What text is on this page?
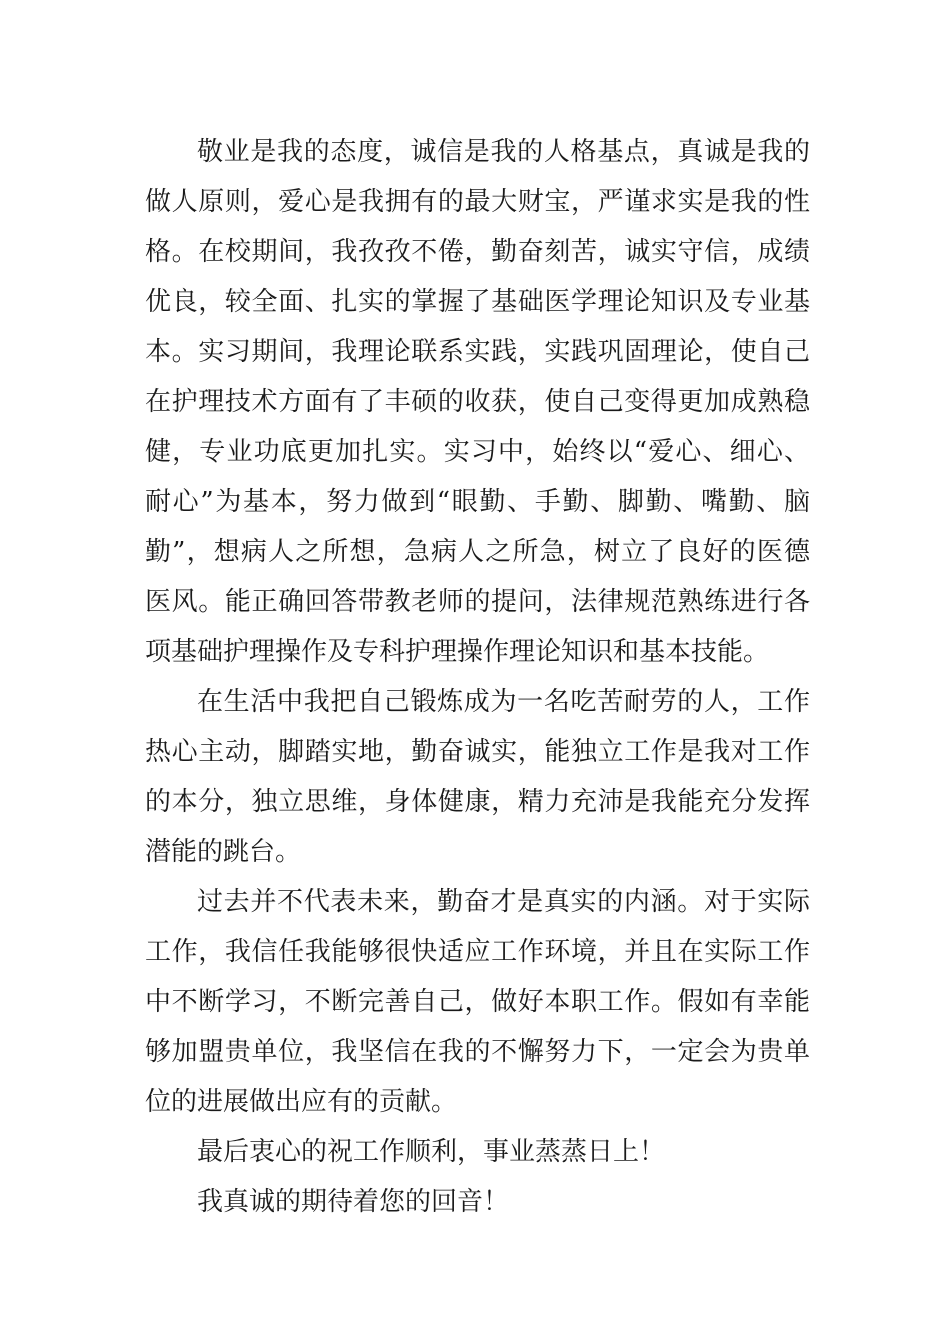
敬业是我的态度，诚信是我的人格基点，真诚是我的
做人原则，爱心是我拥有的最大财宝，严谨求实是我的性
格。在校期间，我孜孜不倦，勤奋刻苦，诚实守信，成绩
优良，较全面、扎实的掌握了基础医学理论知识及专业基
本。实习期间，我理论联系实践，实践巩固理论，使自己
在护理技术方面有了丰硕的收获，使自己变得更加成熟稳
健，专业功底更加扎实。实习中，始终以“爱心、细心、
耐心”为基本，努力做到“眼勤、手勤、脚勤、嘴勤、脑
勤”，想病人之所想，急病人之所急，树立了良好的医德
医风。能正确回答带教老师的提问，法律规范熟练进行各
项基础护理操作及专科护理操作理论知识和基本技能。
在生活中我把自己锻炼成为一名吃苦耐劳的人，工作
热心主动，脚踏实地，勤奋诚实，能独立工作是我对工作
的本分，独立思维，身体健康，精力充沛是我能充分发挥
潜能的跳台。
过去并不代表未来，勤奋才是真实的内涵。对于实际
工作，我信任我能够很快适应工作环境，并且在实际工作
中不断学习，不断完善自己，做好本职工作。假如有幸能
够加盟贵单位，我坚信在我的不懈努力下，一定会为贵单
位的进展做出应有的贡献。
最后衷心的祝工作顺利，事业蒸蒸日上！
我真诚的期待着您的回音！
